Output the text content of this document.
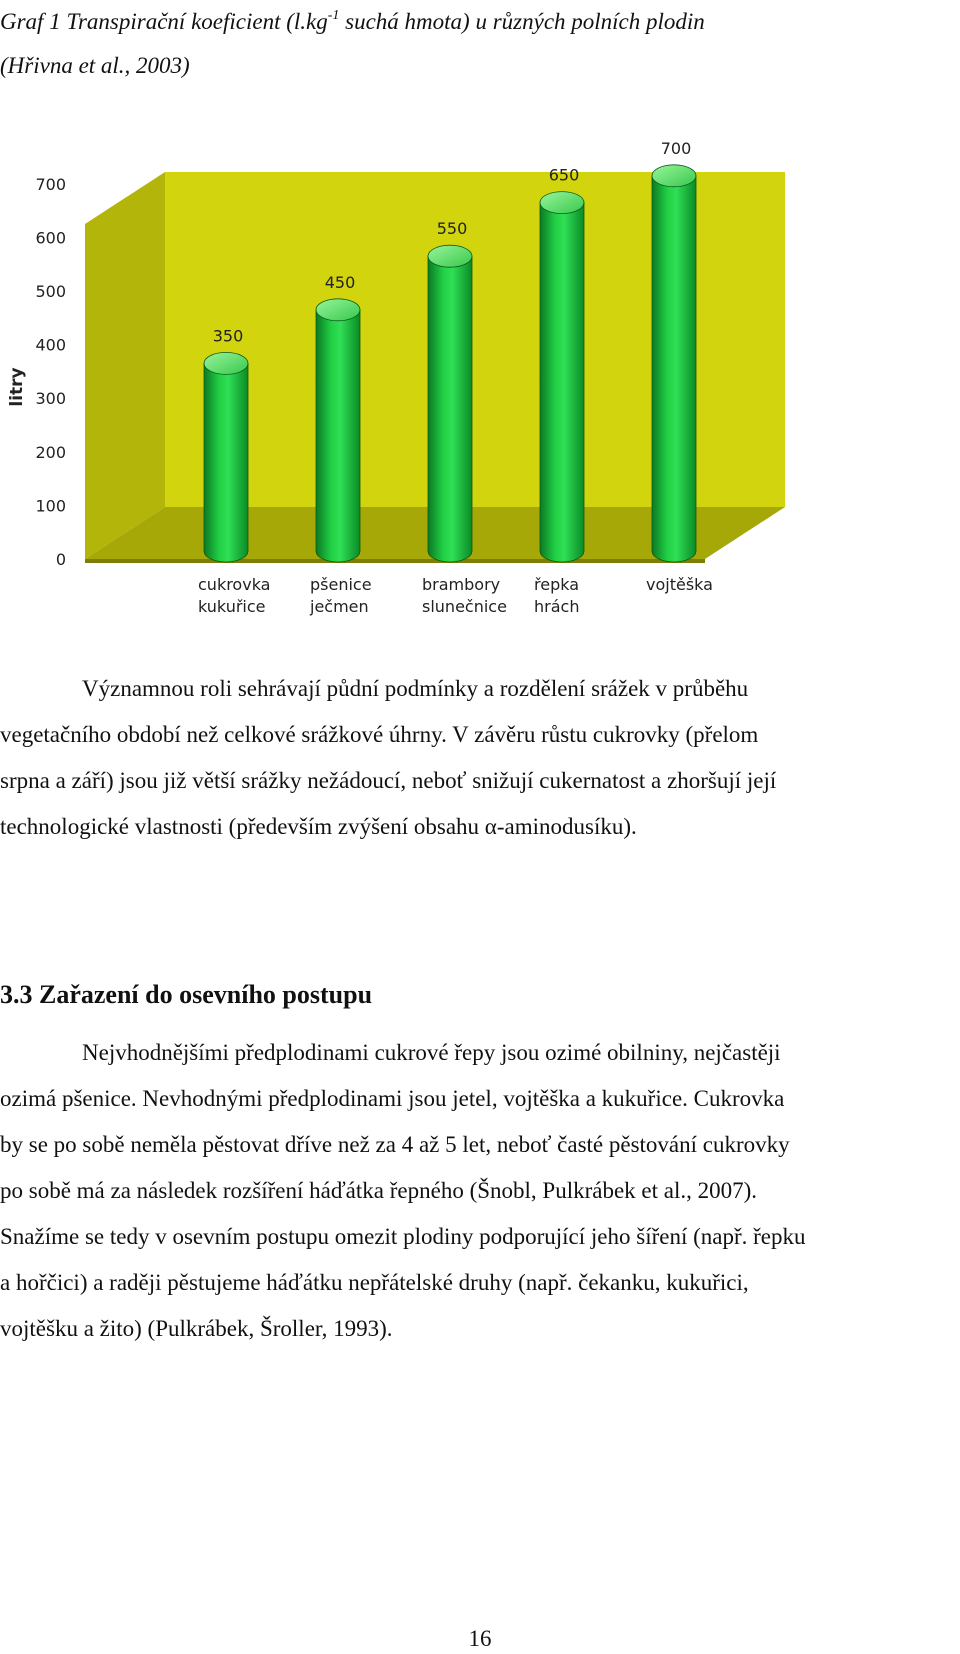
Graf 1 Transpirační koeficient ($l.kg^{-1}$ suchá hmota) u různých polních plodin
(Hřivna et al., 2003)
0
100
200
300
400
500
600
700
350
450
550
650
700
cukrovka
kukuřice
pšenice
ječmen
brambory
slunečnice
řepka
hrách
vojtěška
litry
Významnou roli sehrávají půdní podmínky a rozdělení srážek v průběhu
vegetačního období než celkové srážkové úhrny. V závěru růstu cukrovky (přelom
srpna a září) jsou již větší srážky nežádoucí, neboť snižují cukernatost a zhoršují její
technologické vlastnosti (především zvýšení obsahu α-aminodusíku).
3.3 Zařazení do osevního postupu
Nejvhodnějšími předplodinami cukrové řepy jsou ozimé obilniny, nejčastěji
ozimá pšenice. Nevhodnými předplodinami jsou jetel, vojtěška a kukuřice. Cukrovka
by se po sobě neměla pěstovat dříve než za 4 až 5 let, neboť časté pěstování cukrovky
po sobě má za následek rozšíření háďátka řepného (Šnobl, Pulkrábek et al., 2007).
Snažíme se tedy v osevním postupu omezit plodiny podporující jeho šíření (např. řepku
a hořčici) a raději pěstujeme háďátku nepřátelské druhy (např. čekanku, kukuřici,
vojtěšku a žito) (Pulkrábek, Šroller, 1993).
16
